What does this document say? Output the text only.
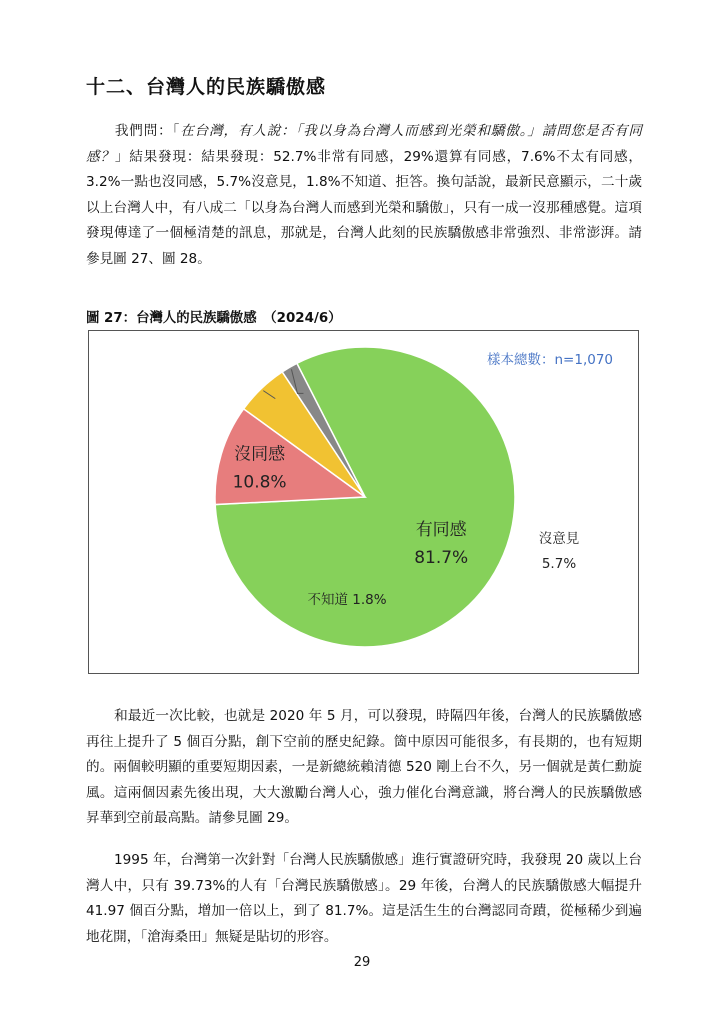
十二、台灣人的民族驕傲感

我們問：「在台灣，有人說：「我以身為台灣人而感到光榮和驕傲。」請問您是否有同感？」結果發現：結果發現：52.7%非常有同感，29%還算有同感，7.6%不太有同感，3.2%一點也沒同感，5.7%沒意見，1.8%不知道、拒答。換句話說，最新民意顯示，二十歲以上台灣人中，有八成二「以身為台灣人而感到光榮和驕傲」，只有一成一沒那種感覺。這項發現傳達了一個極清楚的訊息，那就是，台灣人此刻的民族驕傲感非常強烈、非常澎湃。請參見圖 27、圖 28。

圖 27：台灣人的民族驕傲感　（2024/6）
樣本總數：n=1,070
有同感
81.7%
沒同感
10.8%
沒意見
5.7%
不知道 1.8%

和最近一次比較，也就是 2020 年 5 月，可以發現，時隔四年後，台灣人的民族驕傲感再往上提升了 5 個百分點，創下空前的歷史紀錄。箇中原因可能很多，有長期的，也有短期的。兩個較明顯的重要短期因素，一是新總統賴清德 520 剛上台不久，另一個就是黃仁勳旋風。這兩個因素先後出現，大大激勵台灣人心，強力催化台灣意識，將台灣人的民族驕傲感昇華到空前最高點。請參見圖 29。

1995 年，台灣第一次針對「台灣人民族驕傲感」進行實證研究時，我發現 20 歲以上台灣人中，只有 39.73%的人有「台灣民族驕傲感」。29 年後，台灣人的民族驕傲感大幅提升 41.97 個百分點，增加一倍以上，到了 81.7%。這是活生生的台灣認同奇蹟，從極稀少到遍地花開，「滄海桑田」無疑是貼切的形容。

29
